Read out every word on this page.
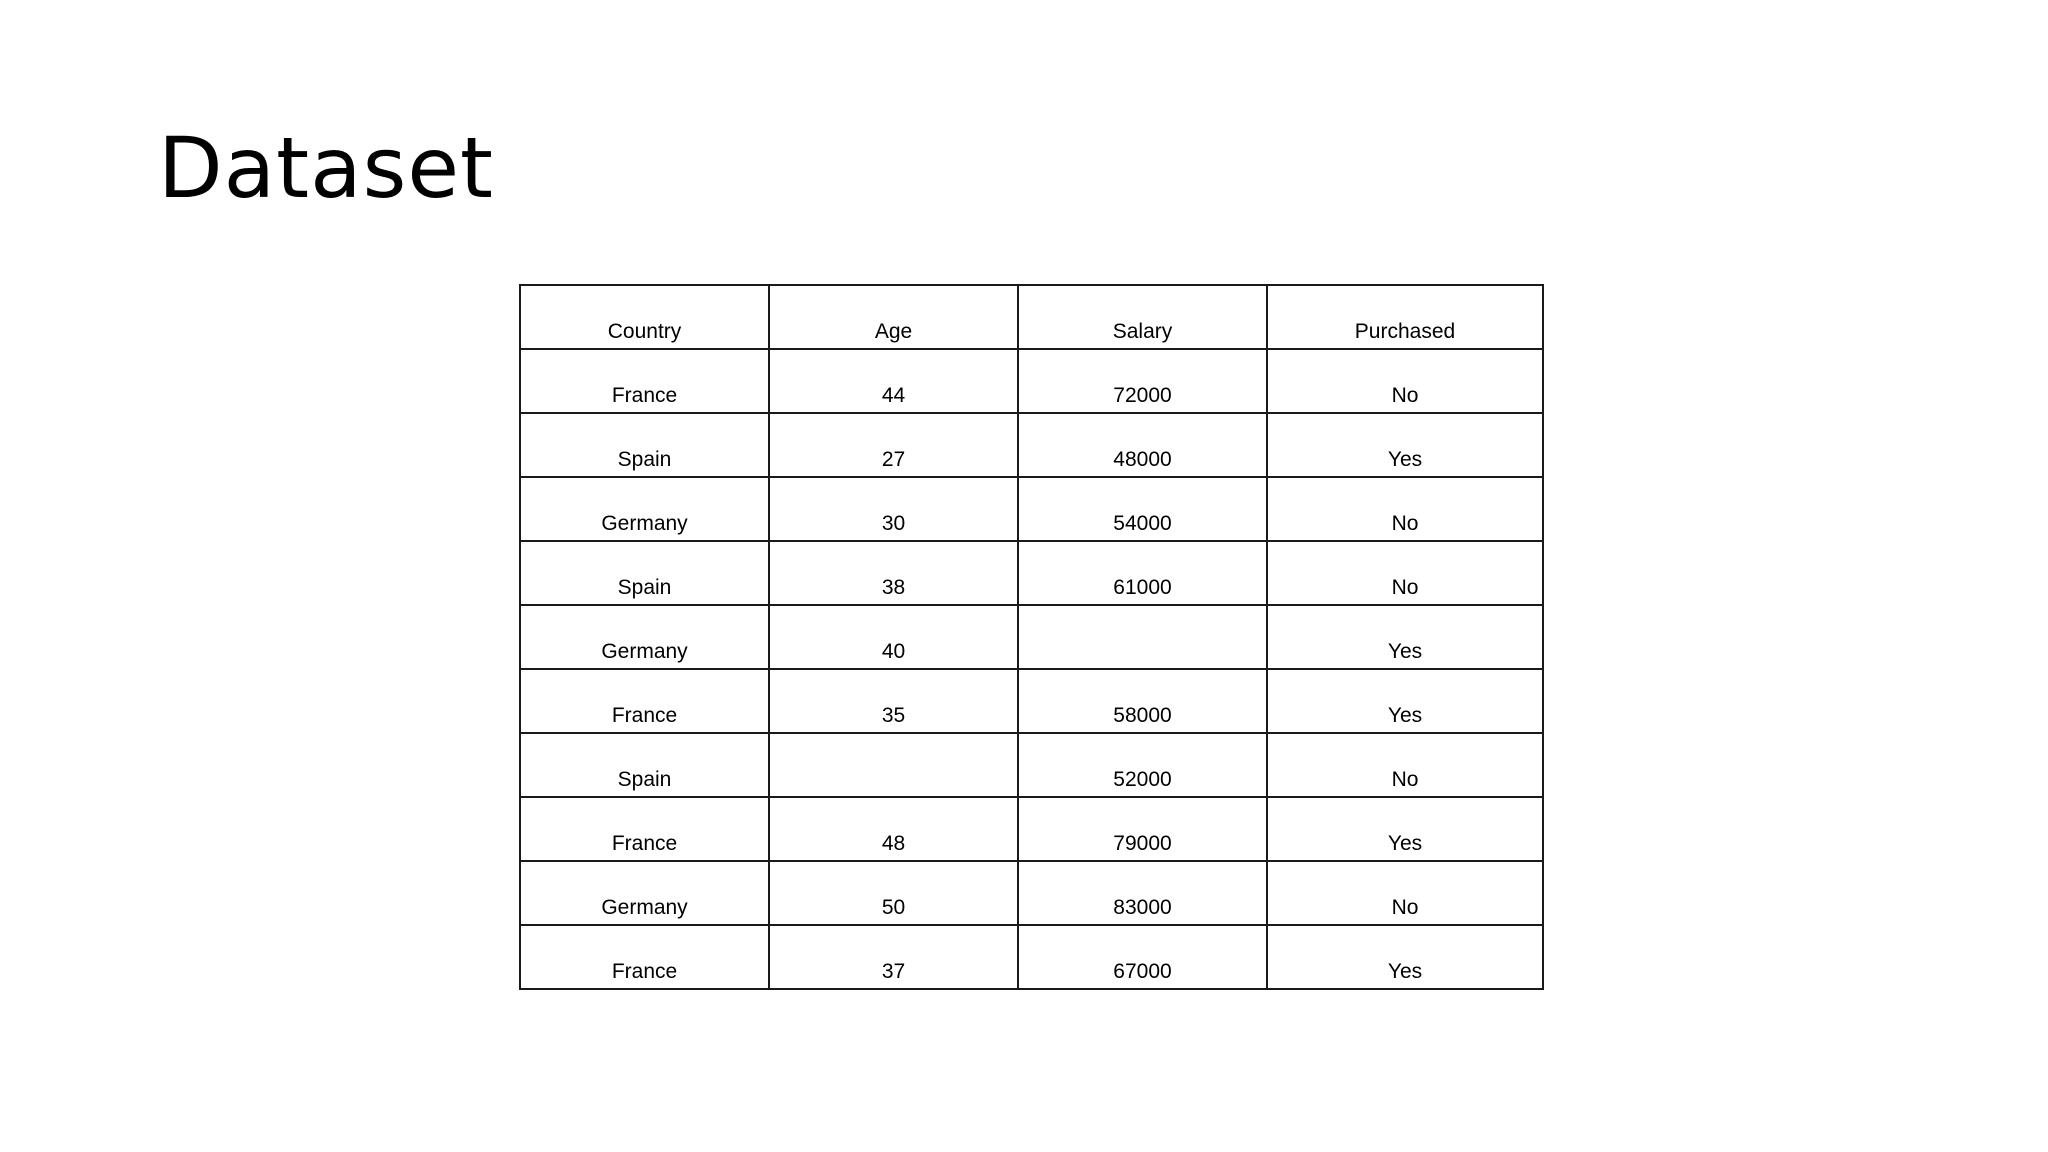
Dataset
Country	Age	Salary	Purchased
France	44	72000	No
Spain	27	48000	Yes
Germany	30	54000	No
Spain	38	61000	No
Germany	40		Yes
France	35	58000	Yes
Spain		52000	No
France	48	79000	Yes
Germany	50	83000	No
France	37	67000	Yes
